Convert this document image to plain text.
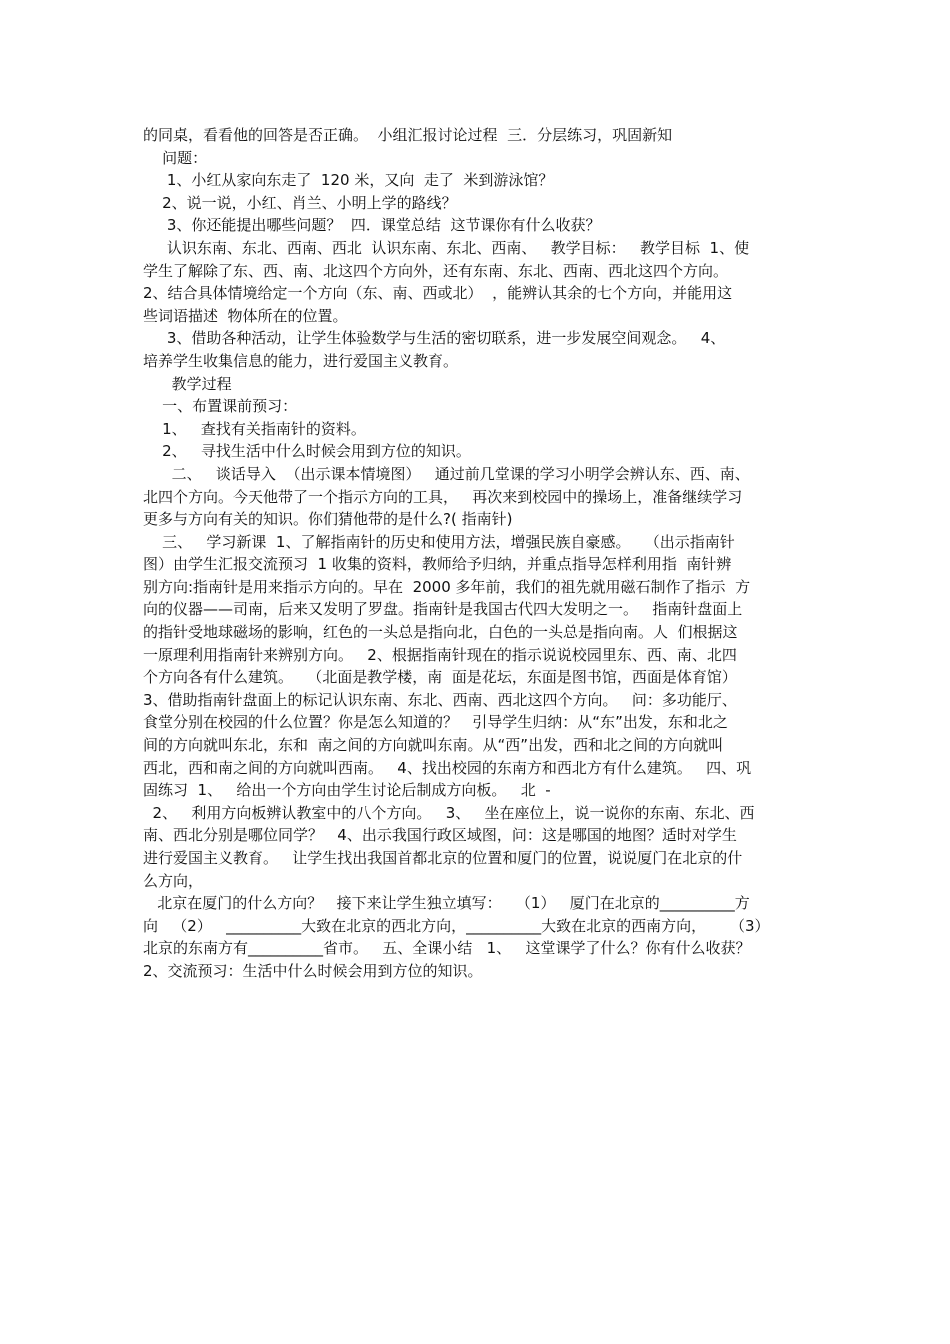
的同桌，看看他的回答是否正确。  小组汇报讨论过程  三．分层练习，巩固新知

问题：

1、小红从家向东走了  120 米，又向  走了  米到游泳馆？

2、说一说，小红、肖兰、小明上学的路线？

3、你还能提出哪些问题？  四．课堂总结  这节课你有什么收获？

认识东南、东北、西南、西北  认识东南、东北、西南、   教学目标：   教学目标  1、使

学生了解除了东、西、南、北这四个方向外，还有东南、东北、西南、西北这四个方向。

2、结合具体情境给定一个方向（东、南、西或北）  ，能辨认其余的七个方向，并能用这

些词语描述  物体所在的位置。

3、借助各种活动，让学生体验数学与生活的密切联系，进一步发展空间观念。   4、

培养学生收集信息的能力，进行爱国主义教育。

教学过程

一、布置课前预习：

1、   查找有关指南针的资料。

2、   寻找生活中什么时候会用到方位的知识。

二、   谈话导入  （出示课本情境图）   通过前几堂课的学习小明学会辨认东、西、南、

北四个方向。今天他带了一个指示方向的工具，   再次来到校园中的操场上，准备继续学习

更多与方向有关的知识。你们猜他带的是什么?( 指南针)

三、   学习新课  1、了解指南针的历史和使用方法，增强民族自豪感。   （出示指南针

图）由学生汇报交流预习  1 收集的资料，教师给予归纳，并重点指导怎样利用指  南针辨

别方向:指南针是用来指示方向的。早在  2000 多年前，我们的祖先就用磁石制作了指示  方

向的仪器——司南，后来又发明了罗盘。指南针是我国古代四大发明之一。   指南针盘面上

的指针受地球磁场的影响，红色的一头总是指向北，白色的一头总是指向南。人  们根据这

一原理利用指南针来辨别方向。   2、根据指南针现在的指示说说校园里东、西、南、北四

个方向各有什么建筑。   （北面是教学楼，南  面是花坛，东面是图书馆，西面是体育馆）

3、借助指南针盘面上的标记认识东南、东北、西南、西北这四个方向。   问：多功能厅、

食堂分别在校园的什么位置？你是怎么知道的？   引导学生归纳：从“东”出发，东和北之

间的方向就叫东北，东和  南之间的方向就叫东南。从“西”出发，西和北之间的方向就叫

西北，西和南之间的方向就叫西南。   4、找出校园的东南方和西北方有什么建筑。   四、巩

固练习  1、   给出一个方向由学生讨论后制成方向板。   北  -

2、   利用方向板辨认教室中的八个方向。   3、   坐在座位上，说一说你的东南、东北、西

南、西北分别是哪位同学？   4、出示我国行政区域图，问：这是哪国的地图？适时对学生

进行爱国主义教育。   让学生找出我国首都北京的位置和厦门的位置，说说厦门在北京的什

么方向，

北京在厦门的什么方向？   接下来让学生独立填写：   （1）   厦门在北京的__________方

向   （2）   __________大致在北京的西北方向，__________大致在北京的西南方向，     （3）

北京的东南方有__________省市。   五、全课小结   1、   这堂课学了什么？你有什么收获？

2、交流预习：生活中什么时候会用到方位的知识。
